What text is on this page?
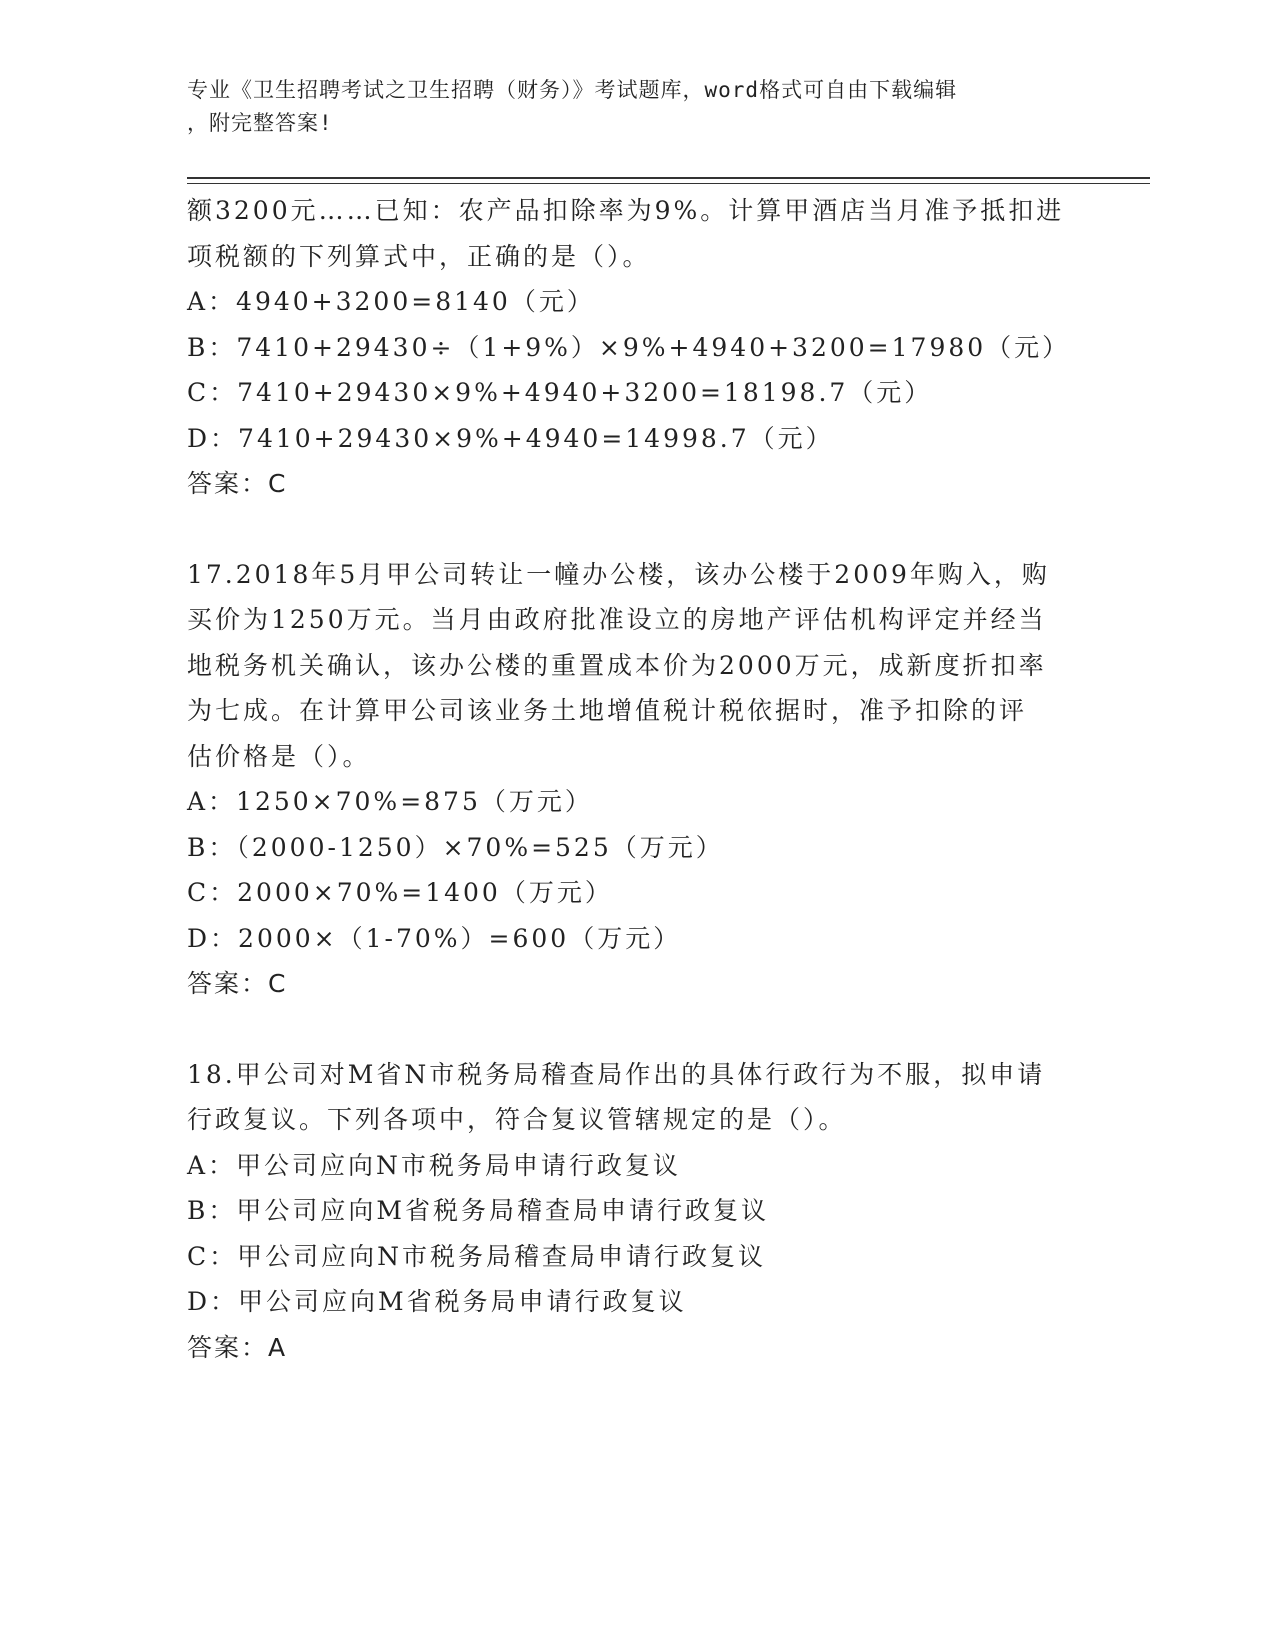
专业《卫生招聘考试之卫生招聘（财务）》考试题库，word格式可自由下载编辑
，附完整答案!
额3200元……已知：农产品扣除率为9%。计算甲酒店当月准予抵扣进
项税额的下列算式中，正确的是（）。
A：4940+3200=8140（元）
B：7410+29430÷（1+9%）×9%+4940+3200=17980（元）
C：7410+29430×9%+4940+3200=18198.7（元）
D：7410+29430×9%+4940=14998.7（元）
答案：C
17.2018年5月甲公司转让一幢办公楼，该办公楼于2009年购入，购
买价为1250万元。当月由政府批准设立的房地产评估机构评定并经当
地税务机关确认，该办公楼的重置成本价为2000万元，成新度折扣率
为七成。在计算甲公司该业务土地增值税计税依据时，准予扣除的评
估价格是（）。
A：1250×70%=875（万元）
B：（2000-1250）×70%=525（万元）
C：2000×70%=1400（万元）
D：2000×（1-70%）=600（万元）
答案：C
18.甲公司对M省N市税务局稽查局作出的具体行政行为不服，拟申请
行政复议。下列各项中，符合复议管辖规定的是（）。
A：甲公司应向N市税务局申请行政复议
B：甲公司应向M省税务局稽查局申请行政复议
C：甲公司应向N市税务局稽查局申请行政复议
D：甲公司应向M省税务局申请行政复议
答案：A
